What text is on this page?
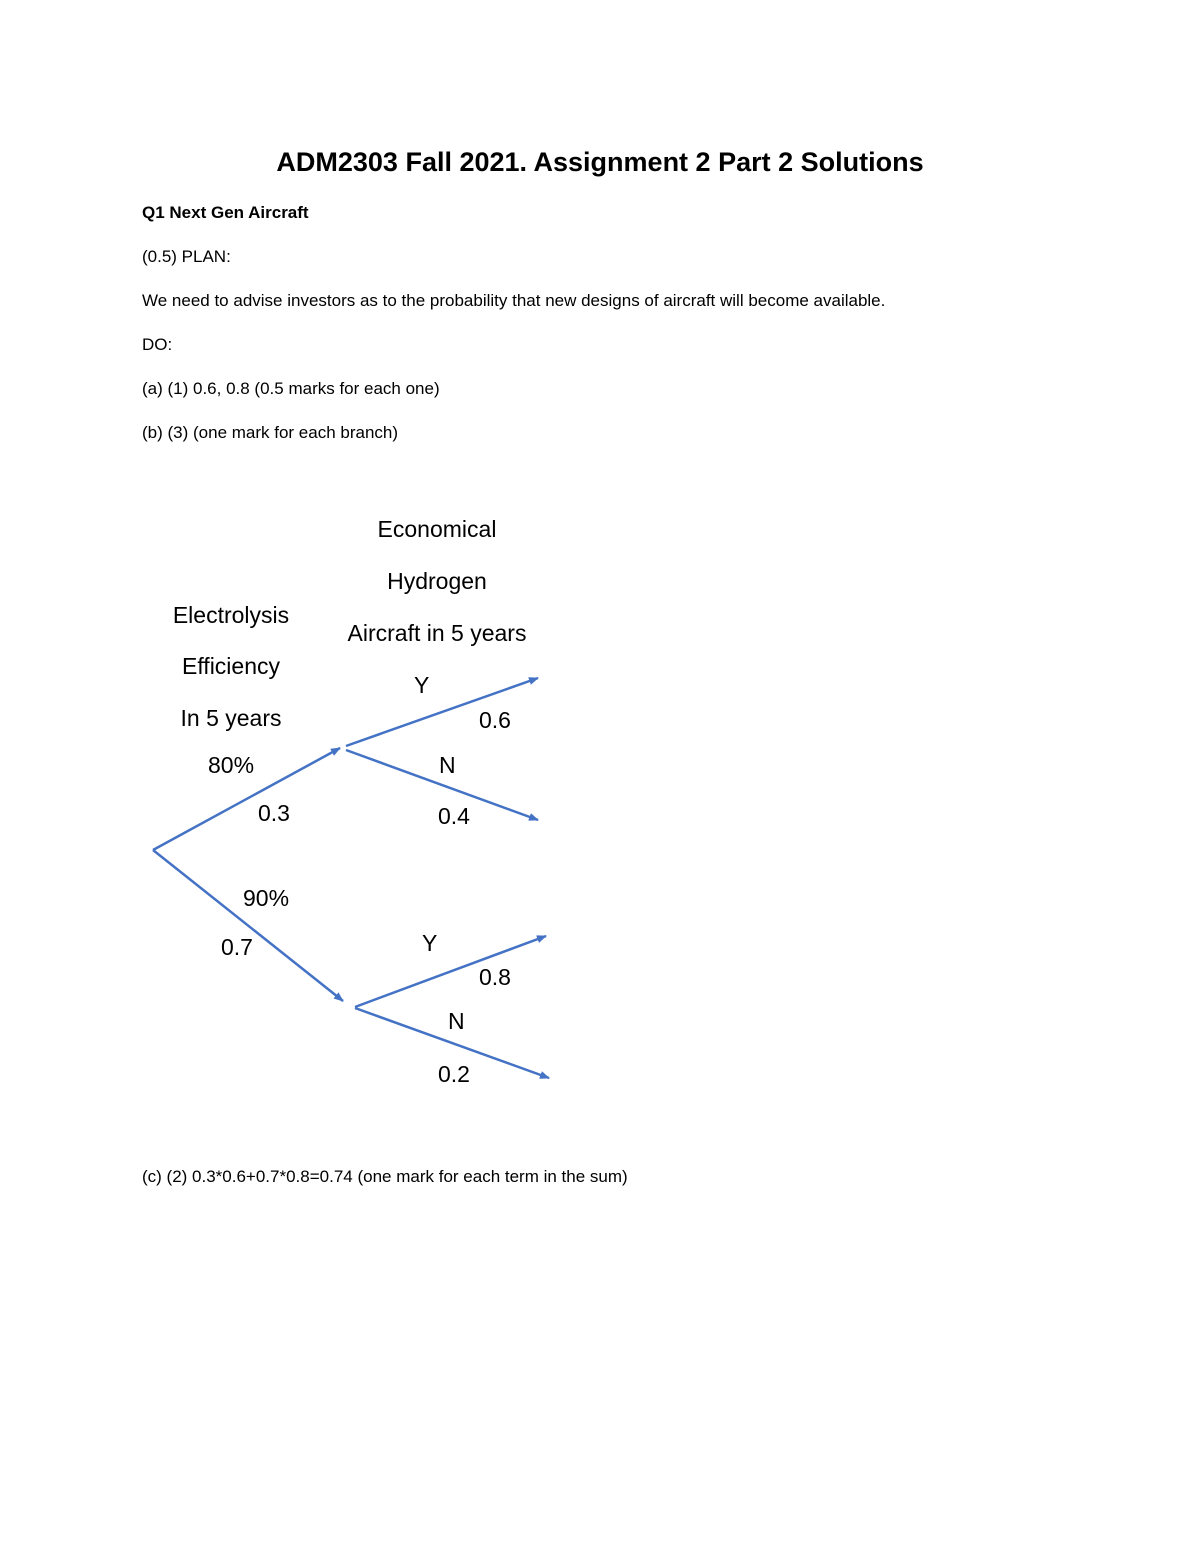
ADM2303 Fall 2021. Assignment 2 Part 2 Solutions
Q1 Next Gen Aircraft
(0.5) PLAN:
We need to advise investors as to the probability that new designs of aircraft will become available.
DO:
(a) (1) 0.6, 0.8 (0.5 marks for each one)
(b) (3) (one mark for each branch)
Economical
Hydrogen
Aircraft in 5 years
Electrolysis
Efficiency
In 5 years
80%
0.3
90%
0.7
Y
0.6
N
0.4
Y
0.8
N
0.2
(c) (2) 0.3*0.6+0.7*0.8=0.74 (one mark for each term in the sum)
